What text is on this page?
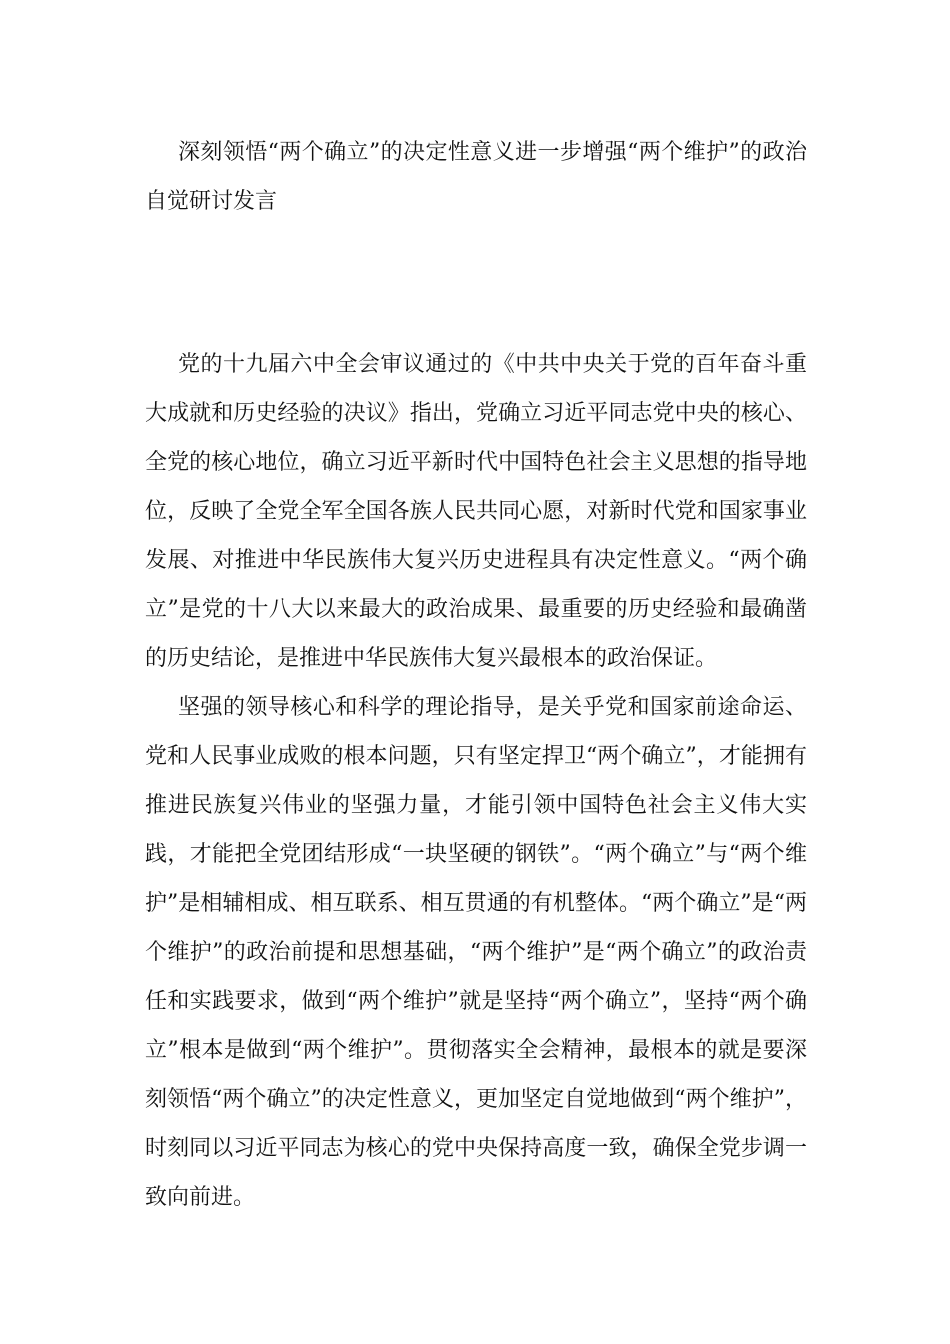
深刻领悟“两个确立”的决定性意义进一步增强“两个维护”的政治自觉研讨发言

党的十九届六中全会审议通过的《中共中央关于党的百年奋斗重大成就和历史经验的决议》指出，党确立习近平同志党中央的核心、全党的核心地位，确立习近平新时代中国特色社会主义思想的指导地位，反映了全党全军全国各族人民共同心愿，对新时代党和国家事业发展、对推进中华民族伟大复兴历史进程具有决定性意义。“两个确立”是党的十八大以来最大的政治成果、最重要的历史经验和最确凿的历史结论，是推进中华民族伟大复兴最根本的政治保证。

坚强的领导核心和科学的理论指导，是关乎党和国家前途命运、党和人民事业成败的根本问题，只有坚定捍卫“两个确立”，才能拥有推进民族复兴伟业的坚强力量，才能引领中国特色社会主义伟大实践，才能把全党团结形成“一块坚硬的钢铁”。“两个确立”与“两个维护”是相辅相成、相互联系、相互贯通的有机整体。“两个确立”是“两个维护”的政治前提和思想基础，“两个维护”是“两个确立”的政治责任和实践要求，做到“两个维护”就是坚持“两个确立”，坚持“两个确立”根本是做到“两个维护”。贯彻落实全会精神，最根本的就是要深刻领悟“两个确立”的决定性意义，更加坚定自觉地做到“两个维护”，时刻同以习近平同志为核心的党中央保持高度一致，确保全党步调一致向前进。
